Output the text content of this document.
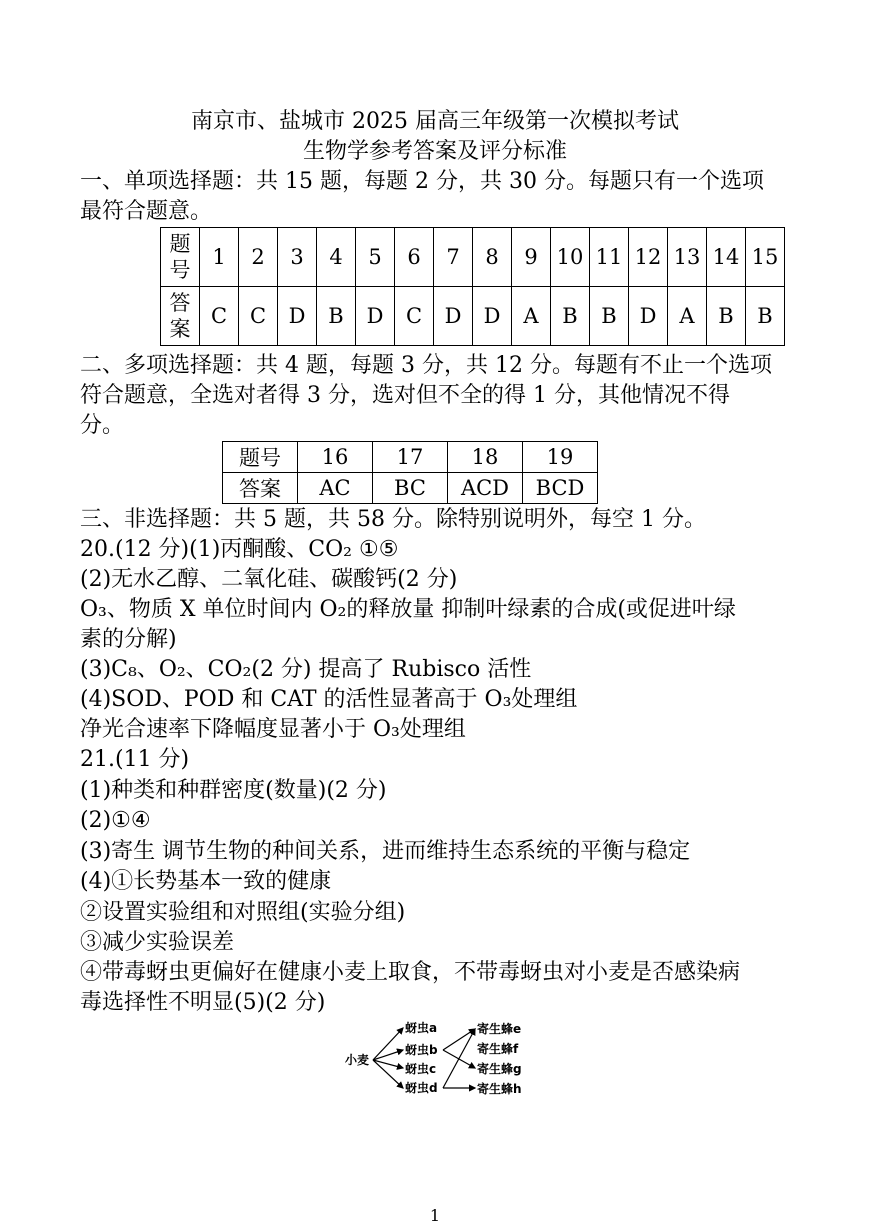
南京市、盐城市 2025 届高三年级第一次模拟考试
生物学参考答案及评分标准
一、单项选择题：共 15 题，每题 2 分，共 30 分。每题只有一个选项
最符合题意。
题
号	1	2	3	4	5	6	7	8	9	10	11	12	13	14	15

答
案	C	C	D	B	D	C	D	D	A	B	B	D	A	B	B
二、多项选择题：共 4 题，每题 3 分，共 12 分。每题有不止一个选项
符合题意，全选对者得 3 分，选对但不全的得 1 分，其他情况不得
分。
题号	16	17	18	19
答案	AC	BC	ACD	BCD
三、非选择题：共 5 题，共 58 分。除特别说明外，每空 1 分。
20.(12 分)(1)丙酮酸、CO₂ ①⑤
(2)无水乙醇、二氧化硅、碳酸钙(2 分)
O₃、物质 X 单位时间内 O₂的释放量 抑制叶绿素的合成(或促进叶绿
素的分解)
(3)C₈、O₂、CO₂(2 分) 提高了 Rubisco 活性
(4)SOD、POD 和 CAT 的活性显著高于 O₃处理组
净光合速率下降幅度显著小于 O₃处理组
21.(11 分)
(1)种类和种群密度(数量)(2 分)
(2)①④
(3)寄生 调节生物的种间关系，进而维持生态系统的平衡与稳定
(4)①长势基本一致的健康
②设置实验组和对照组(实验分组)
③减少实验误差
④带毒蚜虫更偏好在健康小麦上取食，不带毒蚜虫对小麦是否感染病
毒选择性不明显(5)(2 分)
小麦
蚜虫a
蚜虫b
蚜虫c
蚜虫d
寄生蜂e
寄生蜂f
寄生蜂g
寄生蜂h
1
